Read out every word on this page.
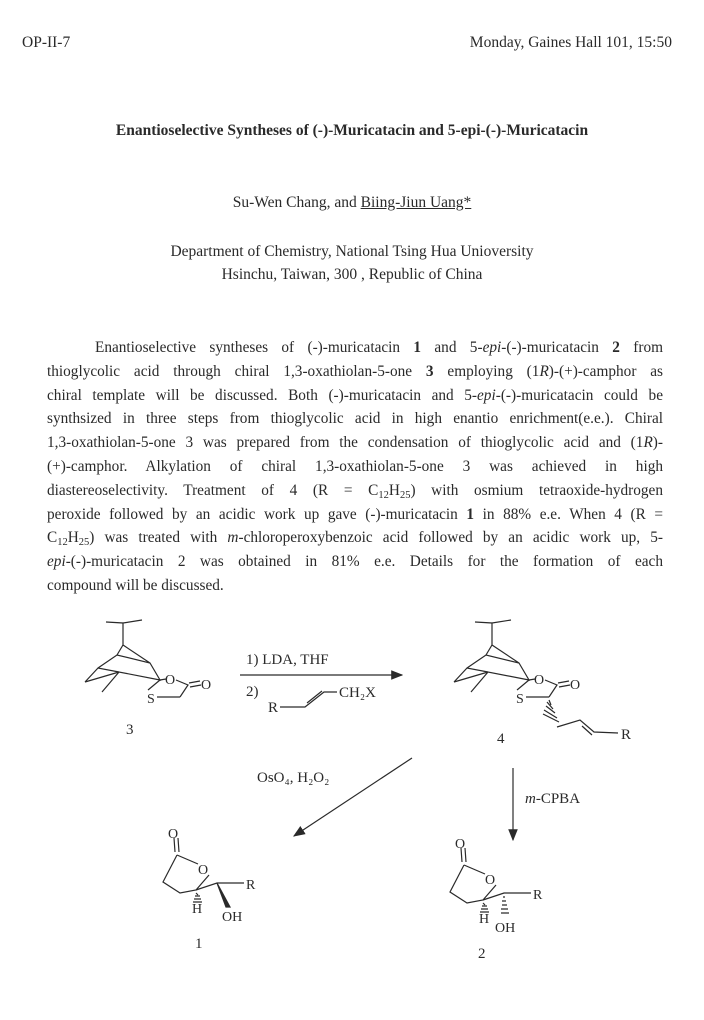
OP-II-7	Monday, Gaines Hall 101, 15:50
Enantioselective Syntheses of (-)-Muricatacin and 5-epi-(-)-Muricatacin
Su-Wen Chang, and Biing-Jiun Uang*
Department of Chemistry, National Tsing Hua Unioversity
Hsinchu, Taiwan, 300 , Republic of China
Enantioselective syntheses of (-)-muricatacin 1 and 5-epi-(-)-muricatacin 2 from
thioglycolic acid through chiral 1,3-oxathiolan-5-one 3 employing (1R)-(+)-camphor as
chiral template will be discussed. Both (-)-muricatacin and 5-epi-(-)-muricatacin could be
synthsized in three steps from thioglycolic acid in high enantio enrichment(e.e.). Chiral
1,3-oxathiolan-5-one 3 was prepared from the condensation of thioglycolic acid and (1R)-
(+)-camphor. Alkylation of chiral 1,3-oxathiolan-5-one 3 was achieved in high
diastereoselectivity. Treatment of 4 $(R = C_{12}H_{25})$ with osmium tetraoxide-hydrogen
peroxide followed by an acidic work up gave (-)-muricatacin 1 in 88% e.e. When 4 (R =
$C_{12}H_{25}$) was treated with m-chloroperoxybenzoic acid followed by an acidic work up, 5-
epi-(-)-muricatacin 2 was obtained in 81% e.e. Details for the formation of each
compound will be discussed.
O O
S
3
O O
S
R
4
1) LDA, THF
2)
R
CH₂X
OsO₄, H₂O₂
m-CPBA
O
O
H
R
OH
1
O
O
H
R
OH
2
